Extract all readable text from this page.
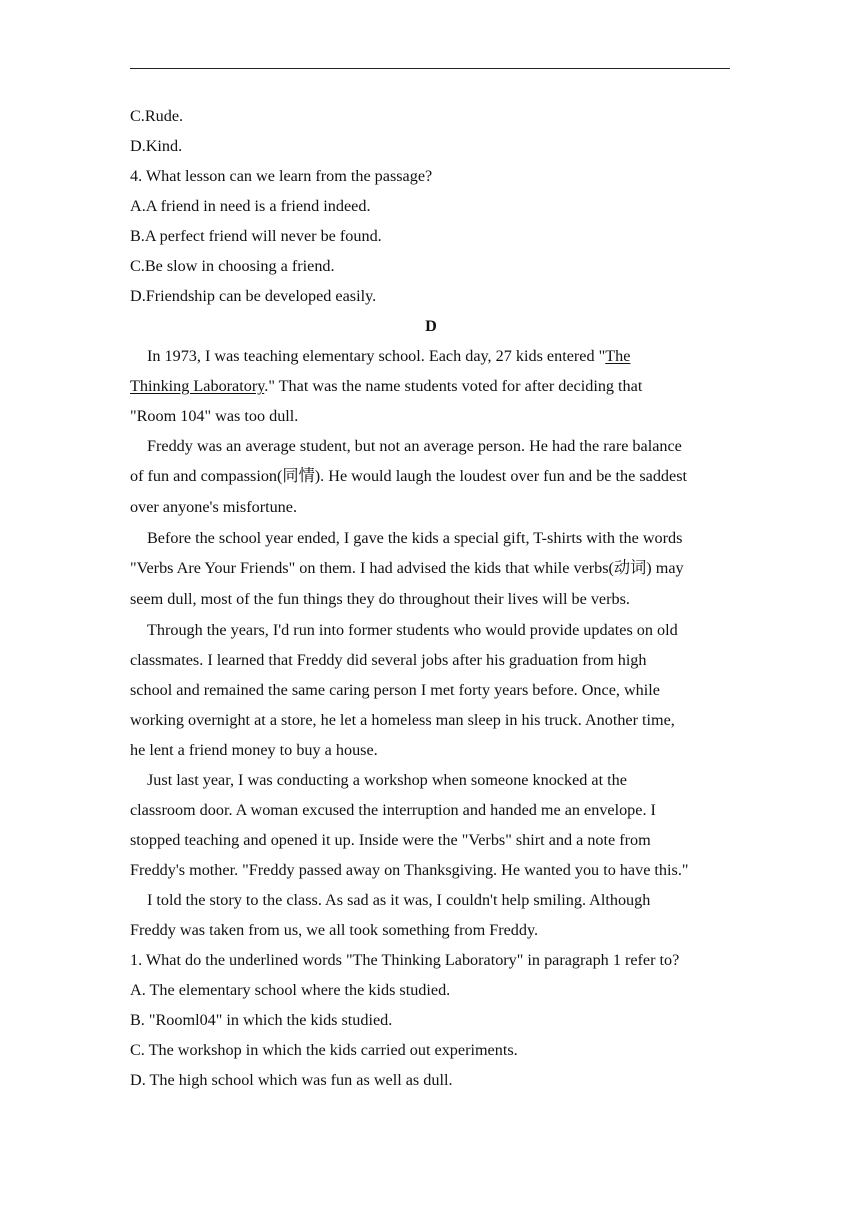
C.Rude.
D.Kind.
4. What lesson can we learn from the passage?
A.A friend in need is a friend indeed.
B.A perfect friend will never be found.
C.Be slow in choosing a friend.
D.Friendship can be developed easily.
D
In 1973, I was teaching elementary school. Each day, 27 kids entered "The
Thinking Laboratory." That was the name students voted for after deciding that
"Room 104" was too dull.
Freddy was an average student, but not an average person. He had the rare balance
of fun and compassion(同情). He would laugh the loudest over fun and be the saddest
over anyone's misfortune.
Before the school year ended, I gave the kids a special gift, T-shirts with the words
"Verbs Are Your Friends" on them. I had advised the kids that while verbs(动词) may
seem dull, most of the fun things they do throughout their lives will be verbs.
Through the years, I'd run into former students who would provide updates on old
classmates. I learned that Freddy did several jobs after his graduation from high
school and remained the same caring person I met forty years before. Once, while
working overnight at a store, he let a homeless man sleep in his truck. Another time,
he lent a friend money to buy a house.
Just last year, I was conducting a workshop when someone knocked at the
classroom door. A woman excused the interruption and handed me an envelope. I
stopped teaching and opened it up. Inside were the "Verbs" shirt and a note from
Freddy's mother. "Freddy passed away on Thanksgiving. He wanted you to have this."
I told the story to the class. As sad as it was, I couldn't help smiling. Although
Freddy was taken from us, we all took something from Freddy.
1. What do the underlined words "The Thinking Laboratory" in paragraph 1 refer to?
A. The elementary school where the kids studied.
B. "Rooml04" in which the kids studied.
C. The workshop in which the kids carried out experiments.
D. The high school which was fun as well as dull.
